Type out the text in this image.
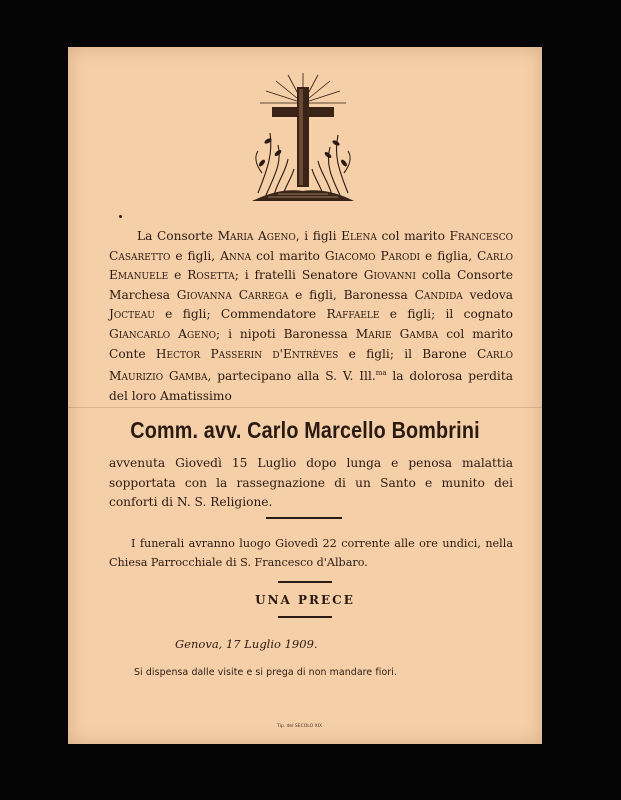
La Consorte Maria Ageno, i figli Elena col marito Francesco Casaretto e figli, Anna col marito Giacomo Parodi e figlia, Carlo Emanuele e Rosetta; i fratelli Senatore Giovanni colla Consorte Marchesa Giovanna Carrega e figli, Baronessa Candida vedova Jocteau e figli; Commendatore Raffaele e figli; il cognato Giancarlo Ageno; i nipoti Baronessa Marie Gamba col marito Conte Hector Passerin d'Entrèves e figli; il Barone Carlo Maurizio Gamba, partecipano alla S. V. Ill.$^{ma}$ la dolorosa perdita del loro Amatissimo

Comm. avv. Carlo Marcello Bombrini

avvenuta Giovedì 15 Luglio dopo lunga e penosa malattia sopportata con la rassegnazione di un Santo e munito dei conforti di N. S. Religione.

I funerali avranno luogo Giovedì 22 corrente alle ore undici, nella Chiesa Parrocchiale di S. Francesco d'Albaro.

UNA PRECE
Genova, 17 Luglio 1909.
Si dispensa dalle visite e si prega di non mandare fiori.
Tip. del SECOLO XIX
